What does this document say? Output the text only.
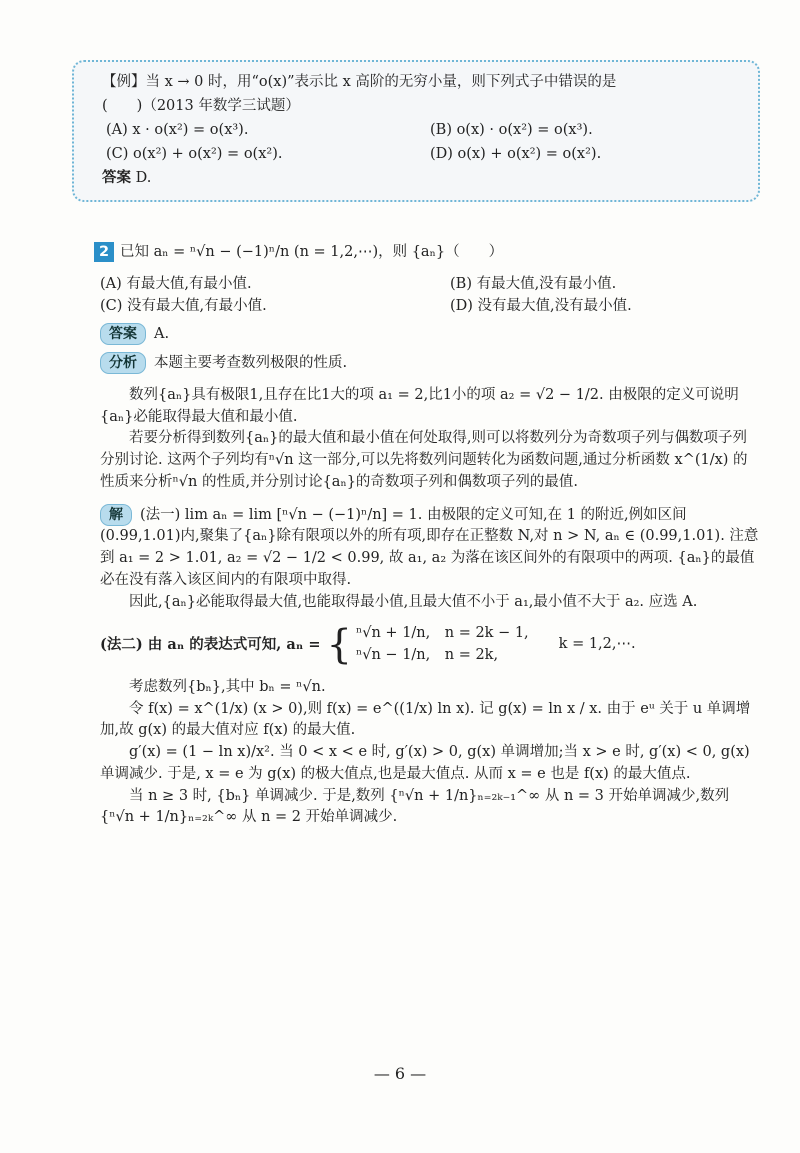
【例】当 x → 0 时，用“o(x)”表示比 x 高阶的无穷小量，则下列式子中错误的是
(　　)（2013 年数学三试题）
(A) x · o(x²) = o(x³).	(B) o(x) · o(x²) = o(x³).
(C) o(x²) + o(x²) = o(x²).	(D) o(x) + o(x²) = o(x²).
答案 D.

2 已知 aₙ = ⁿ√n − (−1)ⁿ/n (n = 1,2,⋯)，则 {aₙ}（　　）

(A) 有最大值,有最小值.	(B) 有最大值,没有最小值.
(C) 没有最大值,有最小值.	(D) 没有最大值,没有最小值.

答案 A.

分析 本题主要考查数列极限的性质.

数列{aₙ}具有极限1,且存在比1大的项 a₁ = 2,比1小的项 a₂ = √2 − 1/2. 由极限的定义可说明{aₙ}必能取得最大值和最小值.

若要分析得到数列{aₙ}的最大值和最小值在何处取得,则可以将数列分为奇数项子列与偶数项子列分别讨论. 这两个子列均有ⁿ√n 这一部分,可以先将数列问题转化为函数问题,通过分析函数 x^(1/x) 的性质来分析ⁿ√n 的性质,并分别讨论{aₙ}的奇数项子列和偶数项子列的最值.

解 (法一) lim aₙ = lim [ⁿ√n − (−1)ⁿ/n] = 1. 由极限的定义可知,在 1 的附近,例如区间(0.99,1.01)内,聚集了{aₙ}除有限项以外的所有项,即存在正整数 N,对 n > N, aₙ ∈ (0.99,1.01). 注意到 a₁ = 2 > 1.01, a₂ = √2 − 1/2 < 0.99, 故 a₁, a₂ 为落在该区间外的有限项中的两项. {aₙ}的最值必在没有落入该区间内的有限项中取得.

因此,{aₙ}必能取得最大值,也能取得最小值,且最大值不小于 a₁,最小值不大于 a₂. 应选 A.

(法二) 由 aₙ 的表达式可知, aₙ = { ⁿ√n + 1/n,　n = 2k − 1,
ⁿ√n − 1/n,　n = 2k,
k = 1,2,⋯.

考虑数列{bₙ},其中 bₙ = ⁿ√n.

令 f(x) = x^(1/x) (x > 0),则 f(x) = e^((1/x) ln x). 记 g(x) = ln x / x. 由于 eᵘ 关于 u 单调增加,故 g(x) 的最大值对应 f(x) 的最大值.

g′(x) = (1 − ln x)/x². 当 0 < x < e 时, g′(x) > 0, g(x) 单调增加;当 x > e 时, g′(x) < 0, g(x) 单调减少. 于是, x = e 为 g(x) 的极大值点,也是最大值点. 从而 x = e 也是 f(x) 的最大值点.

当 n ≥ 3 时, {bₙ} 单调减少. 于是,数列 {ⁿ√n + 1/n}ₙ₌₂ₖ₋₁^∞ 从 n = 3 开始单调减少,数列

{ⁿ√n + 1/n}ₙ₌₂ₖ^∞ 从 n = 2 开始单调减少.

— 6 —
